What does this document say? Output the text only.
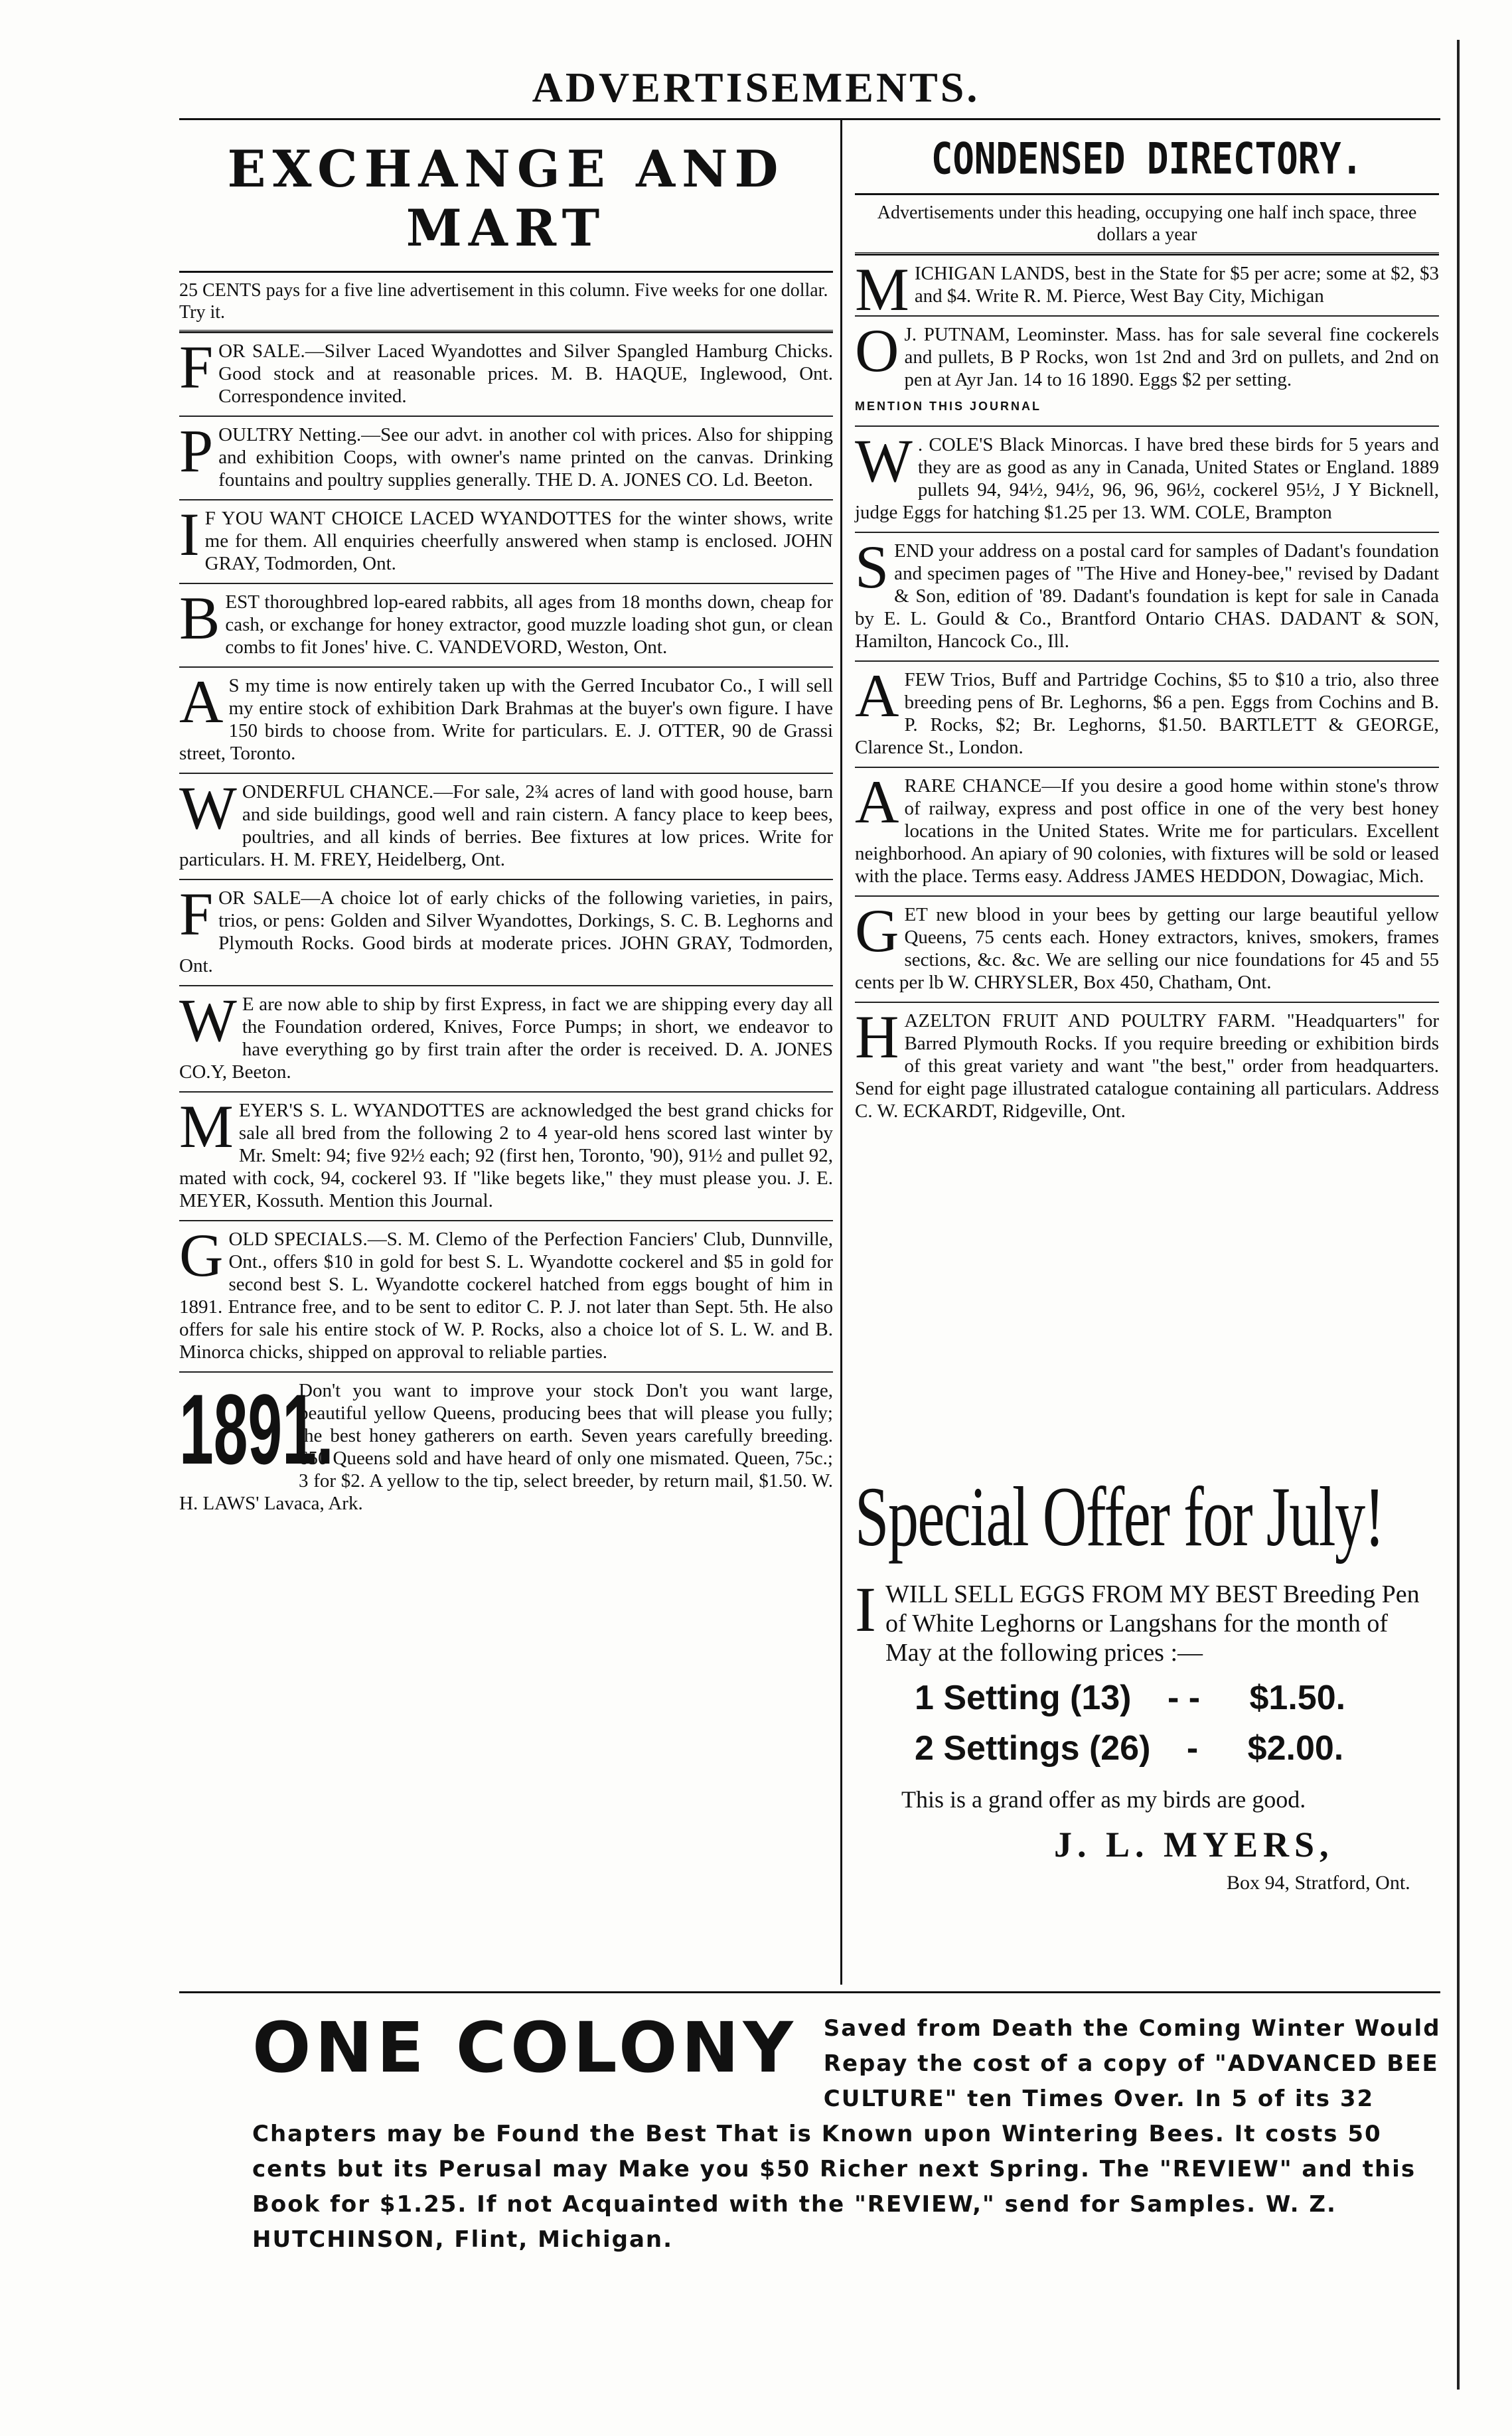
ADVERTISEMENTS.
EXCHANGE AND MART
25 CENTS pays for a five line advertisement in this column. Five weeks for one dollar. Try it.
FOR SALE.—Silver Laced Wyandottes and Silver Spangled Hamburg Chicks. Good stock and at reasonable prices. M. B. HAQUE, Inglewood, Ont. Correspondence invited.
POULTRY Netting.—See our advt. in another col with prices. Also for shipping and exhibition Coops, with owner's name printed on the canvas. Drinking fountains and poultry supplies generally. THE D. A. JONES CO. Ld. Beeton.
I F YOU WANT CHOICE LACED WYANDOTTES for the winter shows, write me for them. All enquiries cheerfully answered when stamp is enclosed. JOHN GRAY, Todmorden, Ont.
BEST thoroughbred lop-eared rabbits, all ages from 18 months down, cheap for cash, or exchange for honey extractor, good muzzle loading shot gun, or clean combs to fit Jones' hive. C. VANDEVORD, Weston, Ont.
A S my time is now entirely taken up with the Gerred Incubator Co., I will sell my entire stock of exhibition Dark Brahmas at the buyer's own figure. I have 150 birds to choose from. Write for particulars. E. J. OTTER, 90 de Grassi street, Toronto.
WONDERFUL CHANCE.—For sale, 2¾ acres of land with good house, barn and side buildings, good well and rain cistern. A fancy place to keep bees, poultries, and all kinds of berries. Bee fixtures at low prices. Write for particulars. H. M. FREY, Heidelberg, Ont.
FOR SALE—A choice lot of early chicks of the following varieties, in pairs, trios, or pens: Golden and Silver Wyandottes, Dorkings, S. C. B. Leghorns and Plymouth Rocks. Good birds at moderate prices. JOHN GRAY, Todmorden, Ont.
W E are now able to ship by first Express, in fact we are shipping every day all the Foundation ordered, Knives, Force Pumps; in short, we endeavor to have everything go by first train after the order is received. D. A. JONES CO.Y, Beeton.
MEYER'S S. L. WYANDOTTES are acknowledged the best grand chicks for sale all bred from the following 2 to 4 year-old hens scored last winter by Mr. Smelt: 94; five 92½ each; 92 (first hen, Toronto, '90), 91½ and pullet 92, mated with cock, 94, cockerel 93. If "like begets like," they must please you. J. E. MEYER, Kossuth. Mention this Journal.
GOLD SPECIALS.—S. M. Clemo of the Perfection Fanciers' Club, Dunnville, Ont., offers $10 in gold for best S. L. Wyandotte cockerel and $5 in gold for second best S. L. Wyandotte cockerel hatched from eggs bought of him in 1891. Entrance free, and to be sent to editor C. P. J. not later than Sept. 5th. He also offers for sale his entire stock of W. P. Rocks, also a choice lot of S. L. W. and B. Minorca chicks, shipped on approval to reliable parties.
1891.
Don't you want to improve your stock Don't you want large, beautiful yellow Queens, producing bees that will please you fully; the best honey gatherers on earth. Seven years carefully breeding. 650 Queens sold and have heard of only one mismated. Queen, 75c.; 3 for $2. A yellow to the tip, select breeder, by return mail, $1.50. W. H. LAWS' Lavaca, Ark.
CONDENSED DIRECTORY.
Advertisements under this heading, occupying one half inch space, three dollars a year
MICHIGAN LANDS, best in the State for $5 per acre; some at $2, $3 and $4. Write R. M. Pierce, West Bay City, Michigan
O J. PUTNAM, Leominster. Mass. has for sale several fine cockerels and pullets, B P Rocks, won 1st 2nd and 3rd on pullets, and 2nd on pen at Ayr Jan. 14 to 16 1890. Eggs $2 per setting.
MENTION THIS JOURNAL
W . COLE'S Black Minorcas. I have bred these birds for 5 years and they are as good as any in Canada, United States or England. 1889 pullets 94, 94½, 94½, 96, 96, 96½, cockerel 95½, J Y Bicknell, judge Eggs for hatching $1.25 per 13. WM. COLE, Brampton
SEND your address on a postal card for samples of Dadant's foundation and specimen pages of "The Hive and Honey-bee," revised by Dadant & Son, edition of '89. Dadant's foundation is kept for sale in Canada by E. L. Gould & Co., Brantford Ontario CHAS. DADANT & SON, Hamilton, Hancock Co., Ill.
AFEW Trios, Buff and Partridge Cochins, $5 to $10 a trio, also three breeding pens of Br. Leghorns, $6 a pen. Eggs from Cochins and B. P. Rocks, $2; Br. Leghorns, $1.50. BARTLETT & GEORGE, Clarence St., London.
ARARE CHANCE—If you desire a good home within stone's throw of railway, express and post office in one of the very best honey locations in the United States. Write me for particulars. Excellent neighborhood. An apiary of 90 colonies, with fixtures will be sold or leased with the place. Terms easy. Address JAMES HEDDON, Dowagiac, Mich.
GET new blood in your bees by getting our large beautiful yellow Queens, 75 cents each. Honey extractors, knives, smokers, frames sections, &c. &c. We are selling our nice foundations for 45 and 55 cents per lb W. CHRYSLER, Box 450, Chatham, Ont.
HAZELTON FRUIT AND POULTRY FARM. "Headquarters" for Barred Plymouth Rocks. If you require breeding or exhibition birds of this great variety and want "the best," order from headquarters. Send for eight page illustrated catalogue containing all particulars. Address C. W. ECKARDT, Ridgeville, Ont.
Special Offer for July!
I WILL SELL EGGS FROM MY BEST Breeding Pen of White Leghorns or Langshans for the month of May at the following prices :—
1 Setting (13) - - $1.50.
2 Settings (26) - $2.00.
This is a grand offer as my birds are good.
J. L. MYERS,
Box 94, Stratford, Ont.
ONE COLONY	Saved from Death the Coming Winter Would Repay the cost of a copy of "ADVANCED BEE CULTURE" ten Times Over. In 5 of its 32 Chapters may be Found the Best That is Known upon Wintering Bees. It costs 50 cents but its Perusal may Make you $50 Richer next Spring. The "REVIEW" and this Book for $1.25. If not Acquainted with the "REVIEW," send for Samples. W. Z. HUTCHINSON, Flint, Michigan.
